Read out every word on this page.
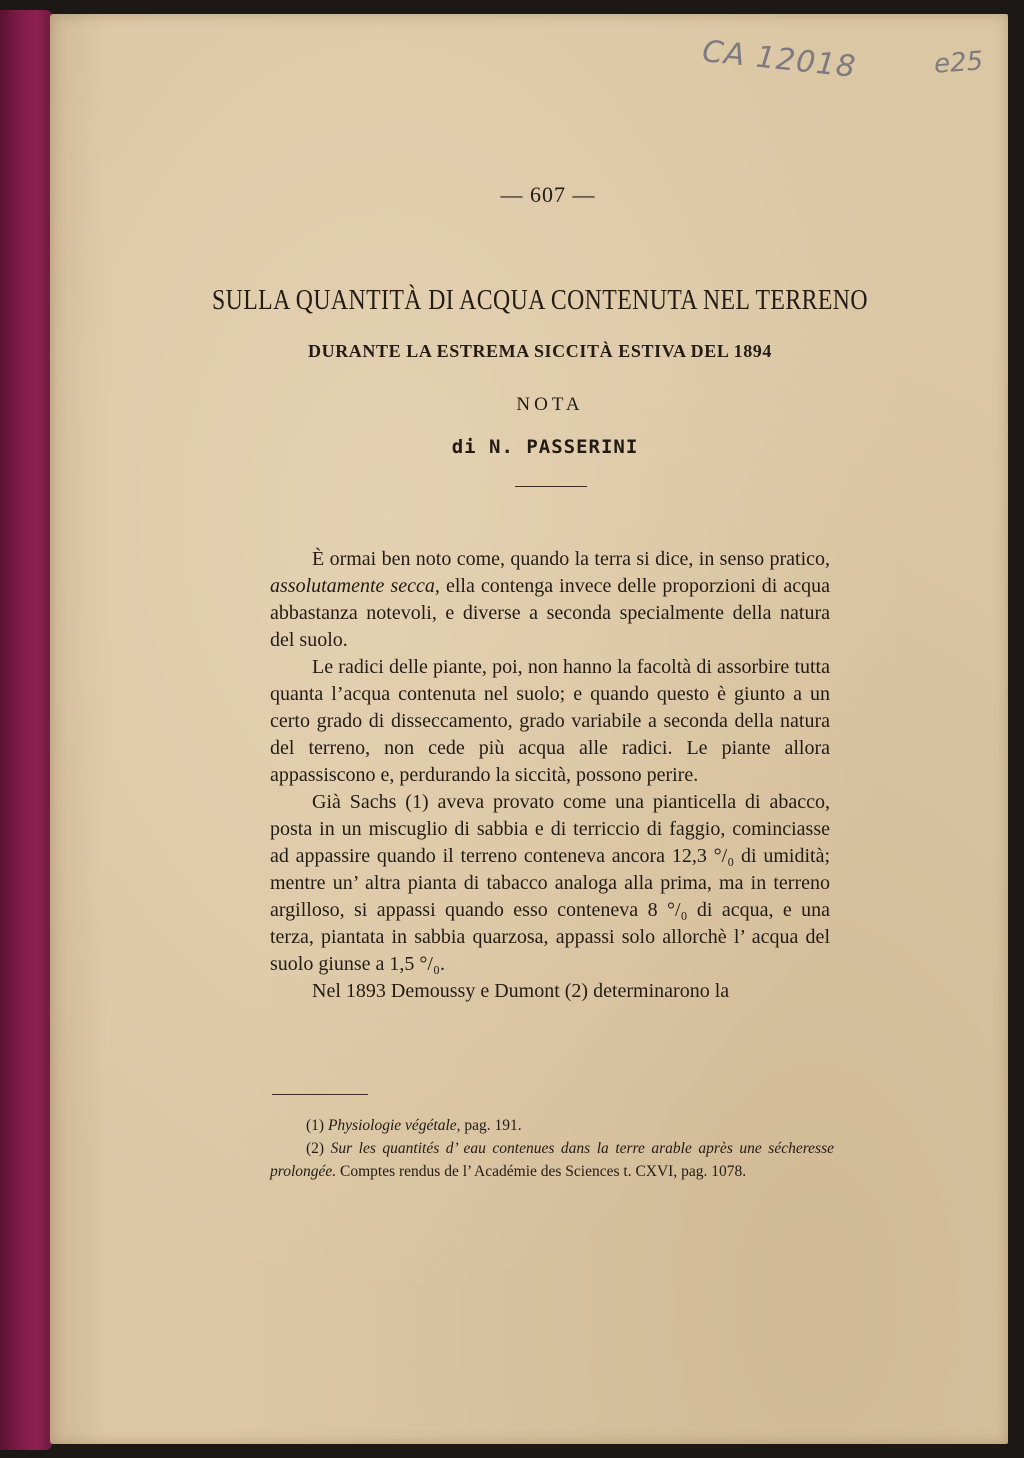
CA 12018	e25
— 607 —
SULLA QUANTITÀ DI ACQUA CONTENUTA NEL TERRENO
DURANTE LA ESTREMA SICCITÀ ESTIVA DEL 1894
NOTA
di N. PASSERINI

È ormai ben noto come, quando la terra si dice, in senso pratico, assolutamente secca, ella contenga invece delle proporzioni di acqua abbastanza notevoli, e diverse a seconda specialmente della natura del suolo.

Le radici delle piante, poi, non hanno la facoltà di assorbire tutta quanta l’acqua contenuta nel suolo; e quando questo è giunto a un certo grado di disseccamento, grado variabile a seconda della natura del terreno, non cede più acqua alle radici. Le piante allora appassiscono e, perdurando la siccità, possono perire.

Già Sachs (1) aveva provato come una pianticella di abacco, posta in un miscuglio di sabbia e di terriccio di faggio, cominciasse ad appassire quando il terreno conteneva ancora 12,3 °/₀ di umidità; mentre un’ altra pianta di tabacco analoga alla prima, ma in terreno argilloso, si appassi quando esso conteneva 8 °/₀ di acqua, e una terza, piantata in sabbia quarzosa, appassi solo allorchè l’ acqua del suolo giunse a 1,5 °/₀.

Nel 1893 Demoussy e Dumont (2) determinarono la

(1) Physiologie végétale, pag. 191.

(2) Sur les quantités d’ eau contenues dans la terre arable après une sécheresse prolongée. Comptes rendus de l’ Académie des Sciences t. CXVI, pag. 1078.
